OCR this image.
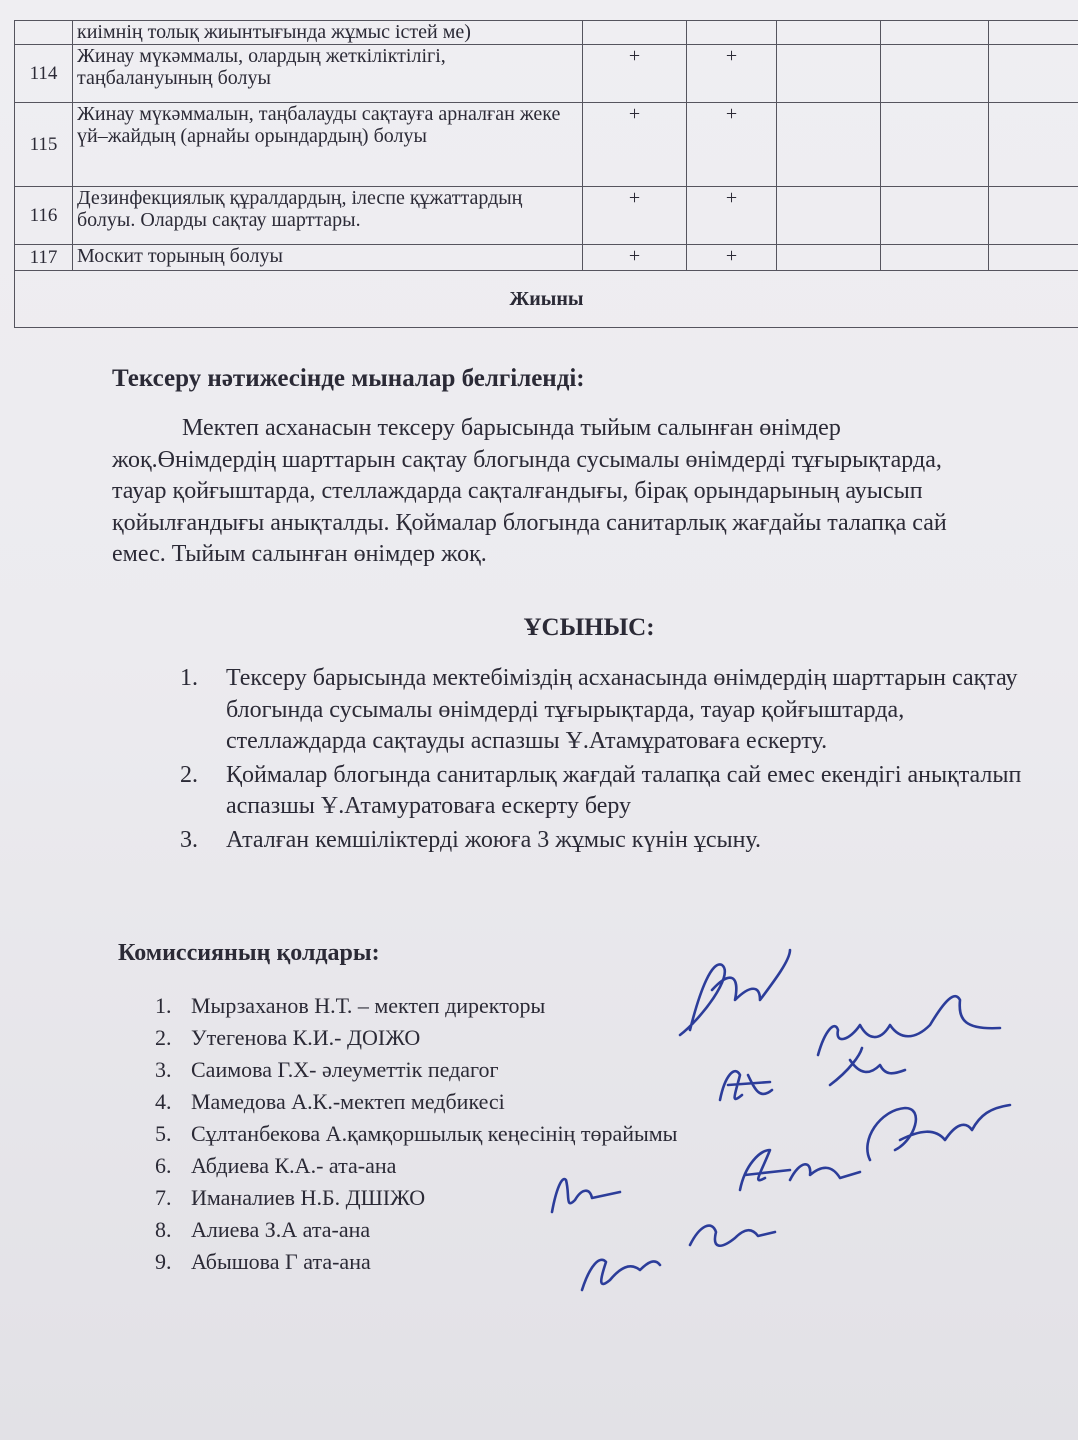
	киімнің толық жиынтығында жұмыс істей ме)					

114	Жинау мүкәммалы, олардың жеткіліктілігі, таңбалануының болуы	+	+			
115	Жинау мүкәммалын, таңбалауды сақтауға арналған жеке үй–жайдың (арнайы орындардың) болуы	+	+			
116	Дезинфекциялық құралдардың, ілеспе құжаттардың болуы. Оларды сақтау шарттары.	+	+			
117	Москит торының болуы	+	+			
Жиыны						
Тексеру нәтижесінде мыналар белгіленді:

Мектеп асханасын тексеру барысында тыйым салынған өнімдер жоқ.Өнімдердің шарттарын сақтау блогында сусымалы өнімдерді тұғырықтарда, тауар қойғыштарда, стеллаждарда сақталғандығы, бірақ орындарының ауысып қойылғандығы анықталды. Қоймалар блогында санитарлық жағдайы талапқа сай емес. Тыйым салынған өнімдер жоқ.

ҰСЫНЫС:
1.	Тексеру барысында мектебіміздің асханасында өнімдердің шарттарын сақтау блогында сусымалы өнімдерді тұғырықтарда, тауар қойғыштарда, стеллаждарда сақтауды аспазшы Ұ.Атамұратоваға ескерту.
2.	Қоймалар блогында санитарлық жағдай талапқа сай емес екендігі анықталып аспазшы Ұ.Атамуратоваға ескерту беру
3.	Аталған кемшіліктерді жоюға 3 жұмыс күнін ұсыну.
Комиссияның қолдары:
1. Мырзаханов Н.Т. – мектеп директоры
2. Утегенова К.И.- ДОІЖО
3. Саимова Г.Х- әлеуметтік педагог
4. Мамедова А.К.-мектеп медбикесі
5. Сұлтанбекова А.қамқоршылық кеңесінің төрайымы
6. Абдиева К.А.- ата-ана
7. Иманалиев Н.Б. ДШІЖО
8. Алиева З.А ата-ана
9. Абышова Г ата-ана
